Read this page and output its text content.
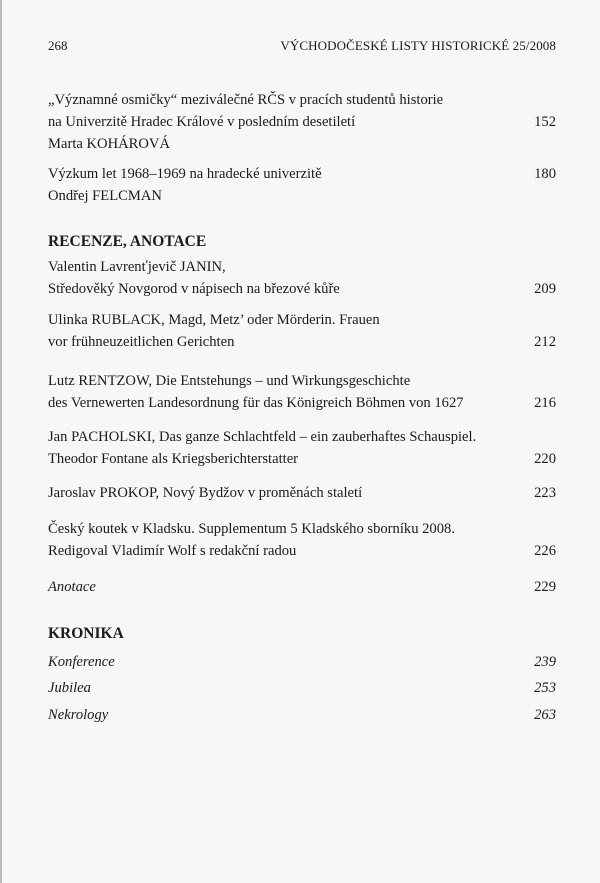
268	VÝCHODOČESKÉ LISTY HISTORICKÉ 25/2008
„Významné osmičky“ meziválečné RČS v pracích studentů historie
na Univerzitě Hradec Králové v posledním desetiletí	152
Marta KOHÁROVÁ
Výzkum let 1968–1969 na hradecké univerzitě	180
Ondřej FELCMAN
RECENZE, ANOTACE
Valentin Lavrenťjevič JANIN,
Středověký Novgorod v nápisech na březové kůře	209
Ulinka RUBLACK, Magd, Metz’ oder Mörderin. Frauen
vor frühneuzeitlichen Gerichten	212
Lutz RENTZOW, Die Entstehungs – und Wirkungsgeschichte
des Vernewerten Landesordnung für das Königreich Böhmen von 1627	216
Jan PACHOLSKI, Das ganze Schlachtfeld – ein zauberhaftes Schauspiel.
Theodor Fontane als Kriegsberichterstatter	220
Jaroslav PROKOP, Nový Bydžov v proměnách staletí	223
Český koutek v Kladsku. Supplementum 5 Kladského sborníku 2008.
Redigoval Vladimír Wolf s redakční radou	226
Anotace	229
KRONIKA
Konference	239
Jubilea	253
Nekrology	263
